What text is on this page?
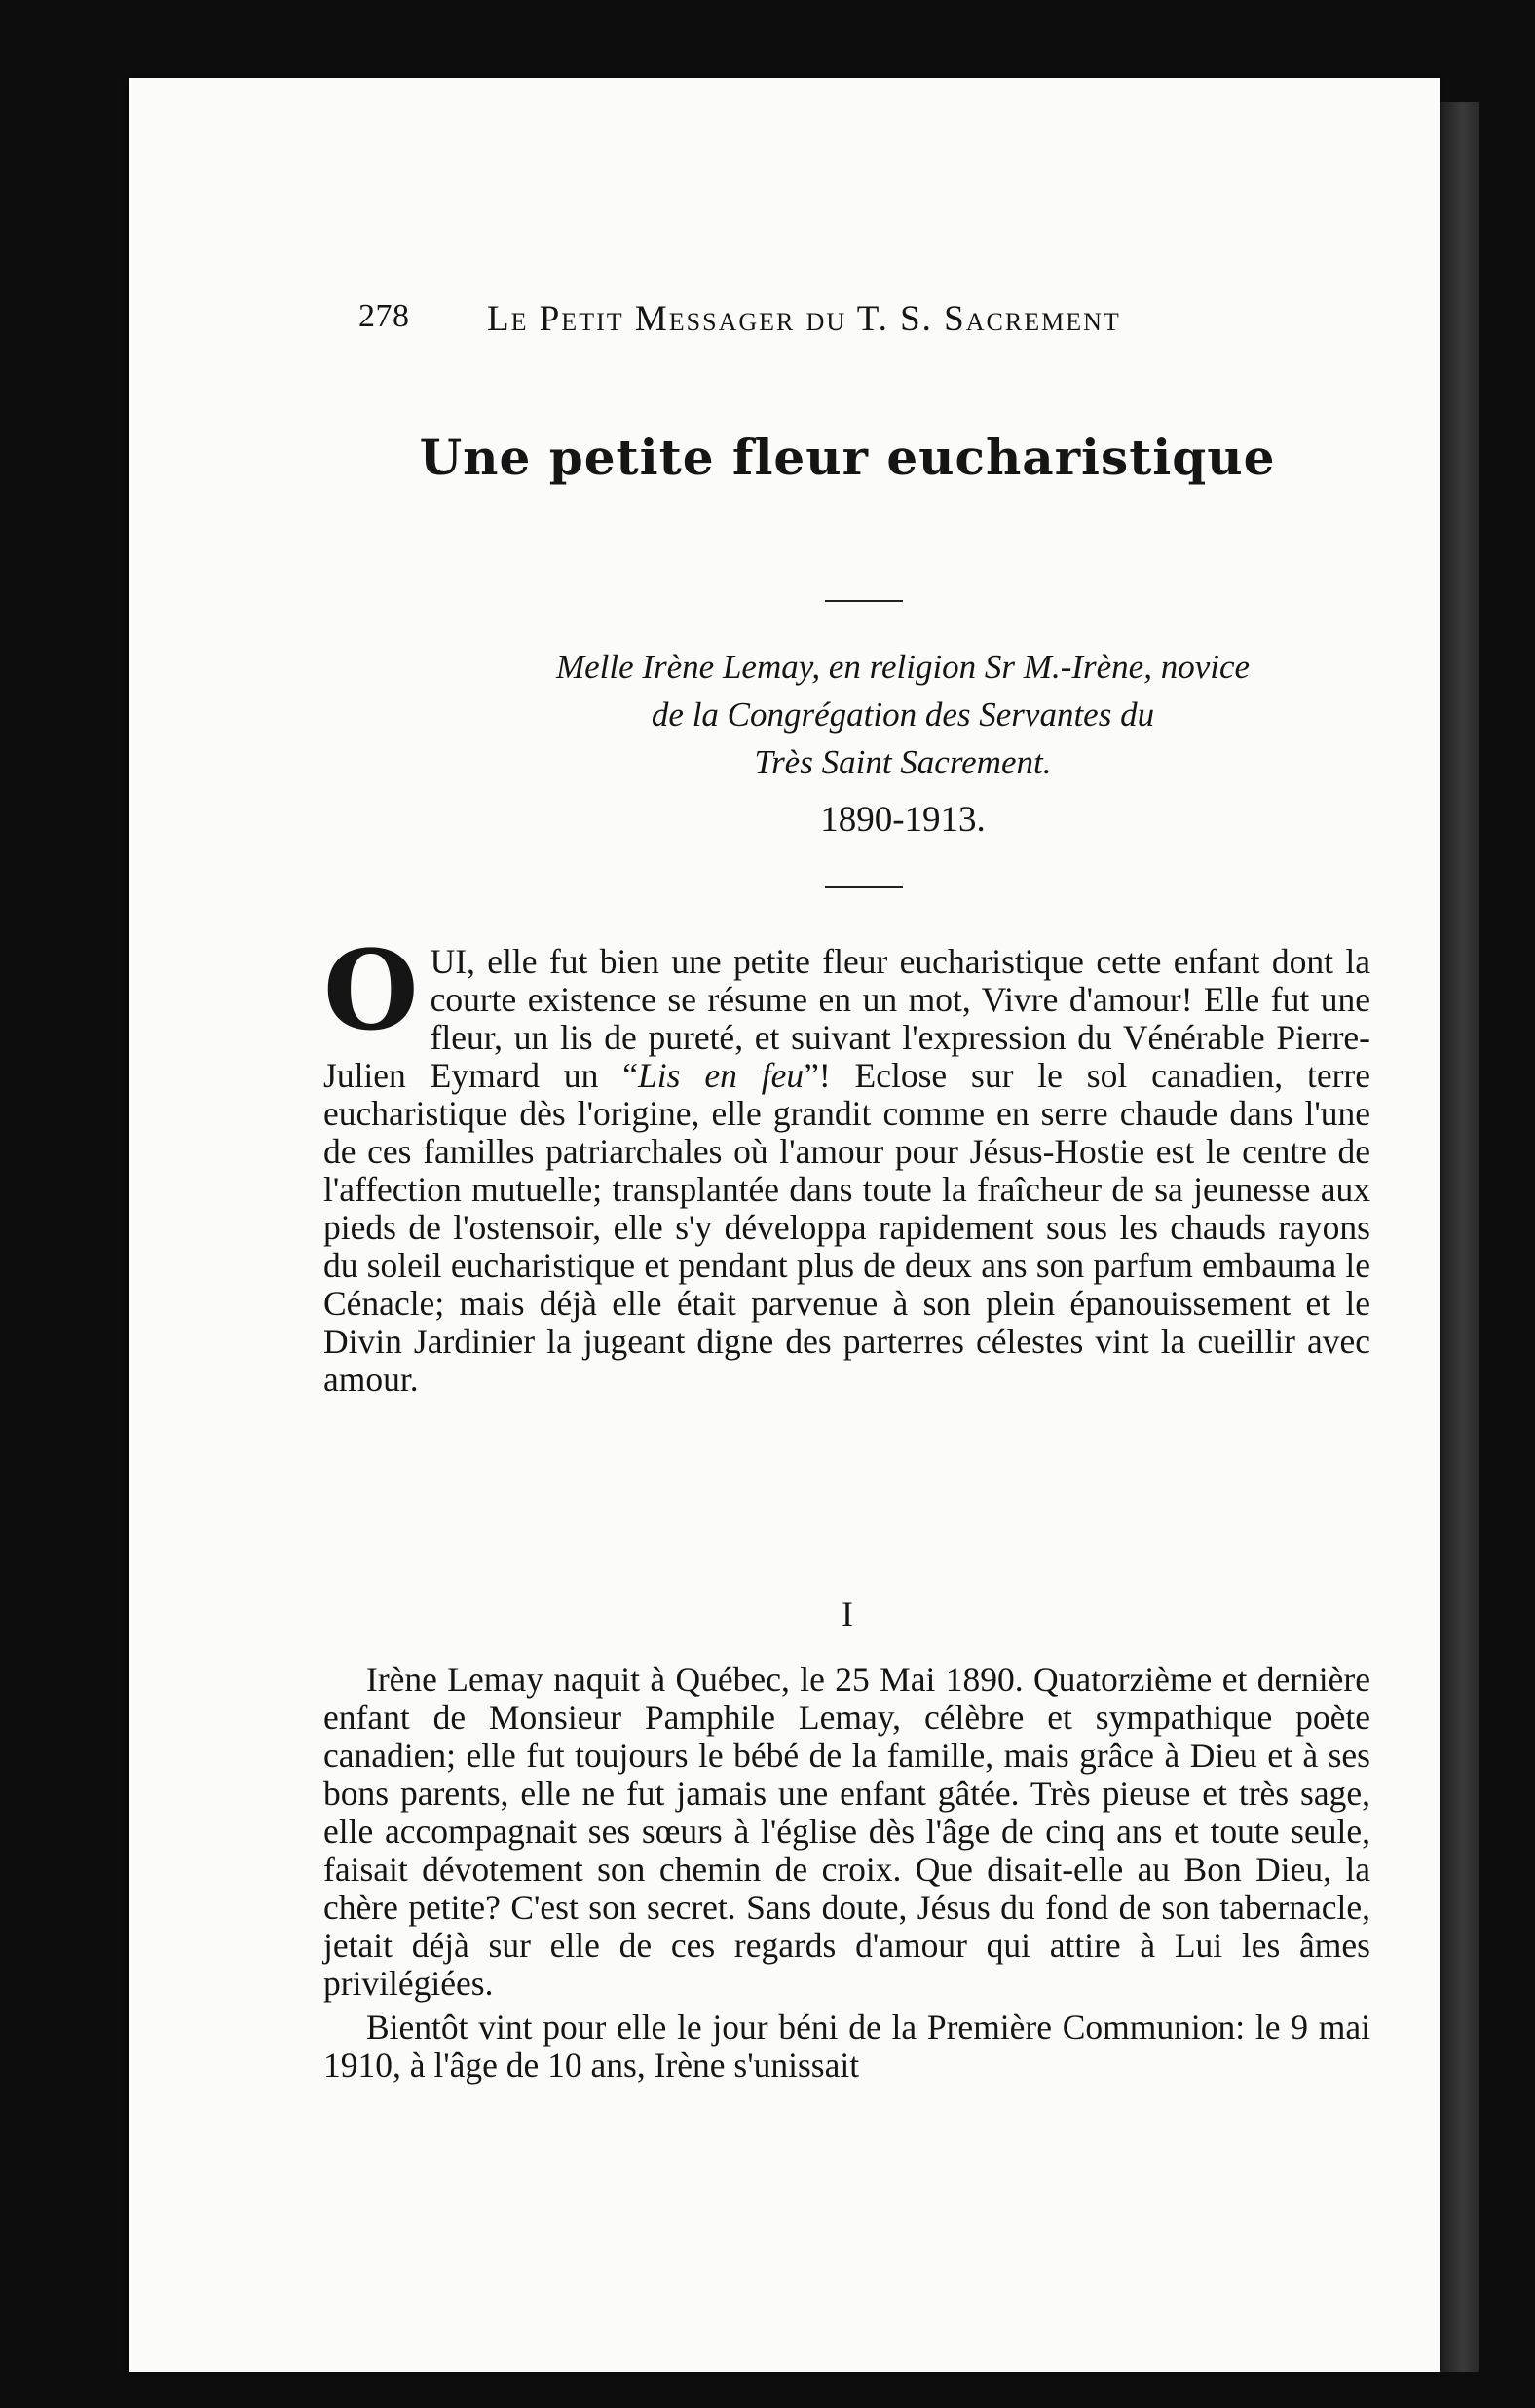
278 Le Petit Messager du T. S. Sacrement
Une petite fleur eucharistique
Melle Irène Lemay, en religion Sr M.-Irène, novice
de la Congrégation des Servantes du
Très Saint Sacrement.
1890-1913.
OUI, elle fut bien une petite fleur eucharistique cette enfant dont la courte existence se résume en un mot, Vivre d'amour! Elle fut une fleur, un lis de pureté, et suivant l'expression du Vénérable Pierre-Julien Eymard un “Lis en feu”! Eclose sur le sol canadien, terre eucharistique dès l'origine, elle grandit comme en serre chaude dans l'une de ces familles patriarchales où l'amour pour Jésus-Hostie est le centre de l'affection mutuelle; transplantée dans toute la fraîcheur de sa jeunesse aux pieds de l'ostensoir, elle s'y développa rapidement sous les chauds rayons du soleil eucharistique et pendant plus de deux ans son parfum embauma le Cénacle; mais déjà elle était parvenue à son plein épanouissement et le Divin Jardinier la jugeant digne des parterres célestes vint la cueillir avec amour.
I

Irène Lemay naquit à Québec, le 25 Mai 1890. Quatorzième et dernière enfant de Monsieur Pamphile Lemay, célèbre et sympathique poète canadien; elle fut toujours le bébé de la famille, mais grâce à Dieu et à ses bons parents, elle ne fut jamais une enfant gâtée. Très pieuse et très sage, elle accompagnait ses sœurs à l'église dès l'âge de cinq ans et toute seule, faisait dévotement son chemin de croix. Que disait-elle au Bon Dieu, la chère petite? C'est son secret. Sans doute, Jésus du fond de son tabernacle, jetait déjà sur elle de ces regards d'amour qui attire à Lui les âmes privilégiées.

Bientôt vint pour elle le jour béni de la Première Communion: le 9 mai 1910, à l'âge de 10 ans, Irène s'unissait
